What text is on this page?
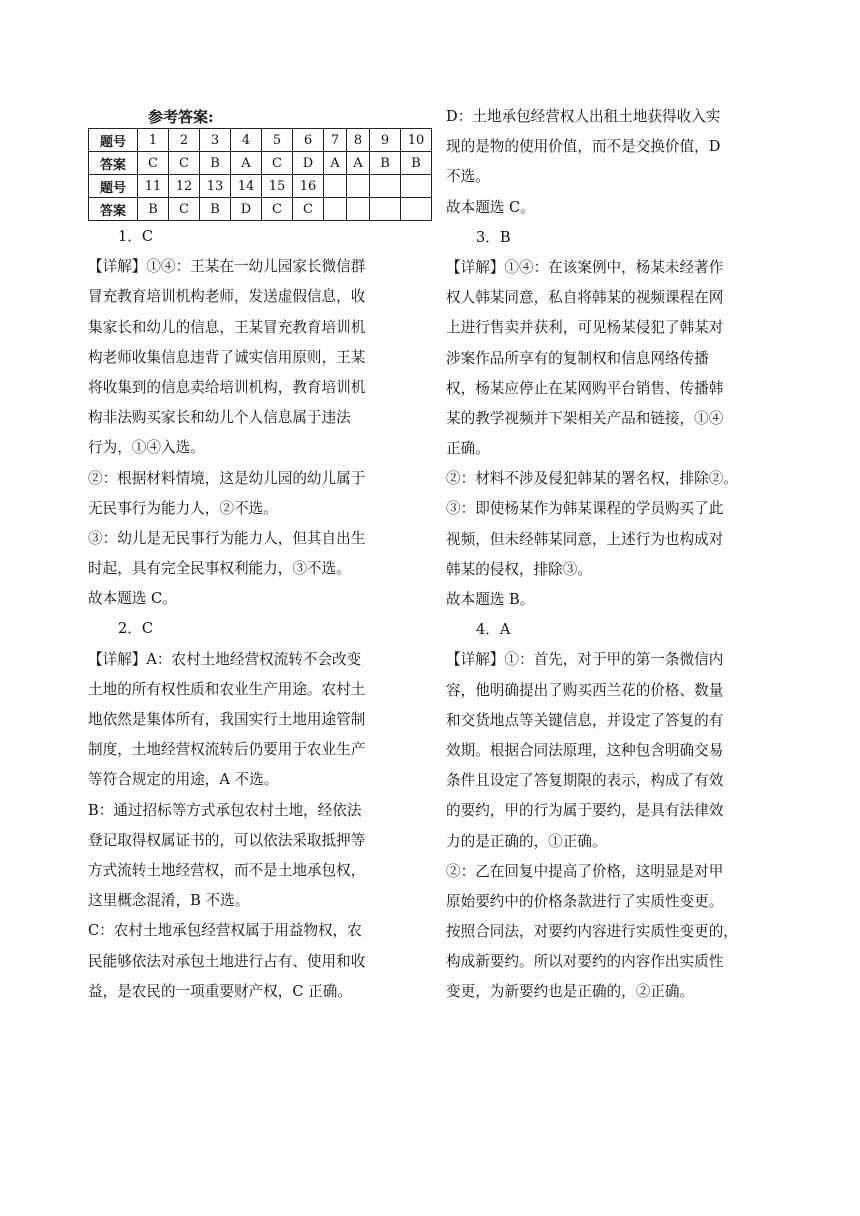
参考答案:
题号	1	2	3	4	5	6	7	8	9	10
答案	C	C	B	A	C	D	A	A	B	B
题号	11	12	13	14	15	16				
答案	B	C	B	D	C	C				
1．C
【详解】①④：王某在一幼儿园家长微信群
冒充教育培训机构老师，发送虚假信息，收
集家长和幼儿的信息，王某冒充教育培训机
构老师收集信息违背了诚实信用原则，王某
将收集到的信息卖给培训机构，教育培训机
构非法购买家长和幼儿个人信息属于违法
行为，①④入选。
②：根据材料情境，这是幼儿园的幼儿属于
无民事行为能力人，②不选。
③：幼儿是无民事行为能力人，但其自出生
时起，具有完全民事权利能力，③不选。
故本题选 C。
2．C
【详解】A：农村土地经营权流转不会改变
土地的所有权性质和农业生产用途。农村土
地依然是集体所有，我国实行土地用途管制
制度，土地经营权流转后仍要用于农业生产
等符合规定的用途，A 不选。
B：通过招标等方式承包农村土地，经依法
登记取得权属证书的，可以依法采取抵押等
方式流转土地经营权，而不是土地承包权，
这里概念混淆，B 不选。
C：农村土地承包经营权属于用益物权，农
民能够依法对承包土地进行占有、使用和收
益，是农民的一项重要财产权，C 正确。
D：土地承包经营权人出租土地获得收入实
现的是物的使用价值，而不是交换价值，D
不选。
故本题选 C。
3．B
【详解】①④：在该案例中，杨某未经著作
权人韩某同意，私自将韩某的视频课程在网
上进行售卖并获利，可见杨某侵犯了韩某对
涉案作品所享有的复制权和信息网络传播
权，杨某应停止在某网购平台销售、传播韩
某的教学视频并下架相关产品和链接，①④
正确。
②：材料不涉及侵犯韩某的署名权，排除②。
③：即使杨某作为韩某课程的学员购买了此
视频，但未经韩某同意，上述行为也构成对
韩某的侵权，排除③。
故本题选 B。
4．A
【详解】①：首先，对于甲的第一条微信内
容，他明确提出了购买西兰花的价格、数量
和交货地点等关键信息，并设定了答复的有
效期。根据合同法原理，这种包含明确交易
条件且设定了答复期限的表示，构成了有效
的要约，甲的行为属于要约，是具有法律效
力的是正确的，①正确。
②：乙在回复中提高了价格，这明显是对甲
原始要约中的价格条款进行了实质性变更。
按照合同法，对要约内容进行实质性变更的，
构成新要约。所以对要约的内容作出实质性
变更，为新要约也是正确的，②正确。
